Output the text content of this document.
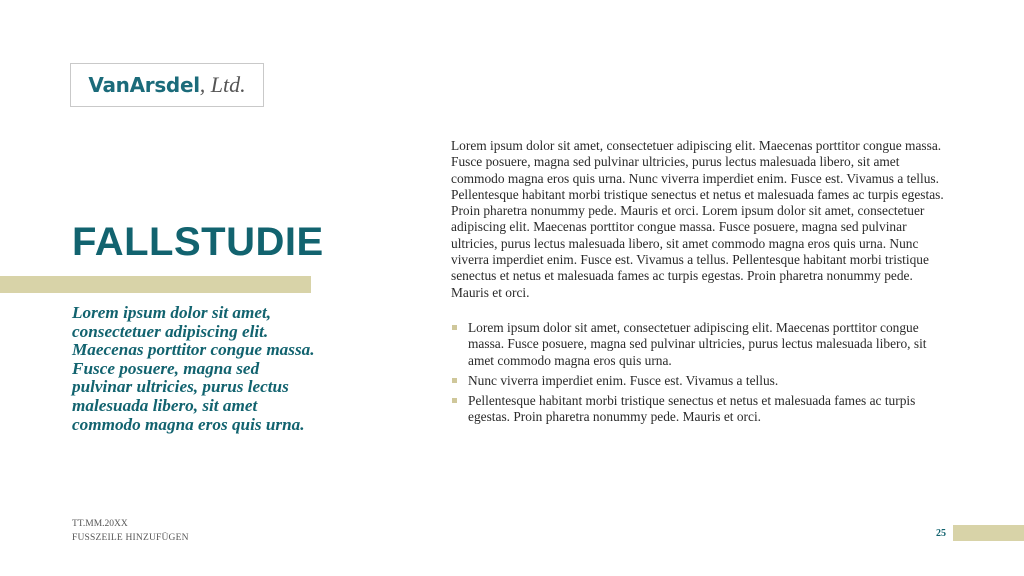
VanArsdel , Ltd.
FALLSTUDIE

Lorem ipsum dolor sit amet, consectetuer adipiscing elit. Maecenas porttitor congue massa. Fusce posuere, magna sed pulvinar ultricies, purus lectus malesuada libero, sit amet commodo magna eros quis urna.

Lorem ipsum dolor sit amet, consectetuer adipiscing elit. Maecenas porttitor congue massa. Fusce posuere, magna sed pulvinar ultricies, purus lectus malesuada libero, sit amet commodo magna eros quis urna. Nunc viverra imperdiet enim. Fusce est. Vivamus a tellus. Pellentesque habitant morbi tristique senectus et netus et malesuada fames ac turpis egestas. Proin pharetra nonummy pede. Mauris et orci. Lorem ipsum dolor sit amet, consectetuer adipiscing elit. Maecenas porttitor congue massa. Fusce posuere, magna sed pulvinar ultricies, purus lectus malesuada libero, sit amet commodo magna eros quis urna. Nunc viverra imperdiet enim. Fusce est. Vivamus a tellus. Pellentesque habitant morbi tristique senectus et netus et malesuada fames ac turpis egestas. Proin pharetra nonummy pede. Mauris et orci.

Lorem ipsum dolor sit amet, consectetuer adipiscing elit. Maecenas porttitor congue massa. Fusce posuere, magna sed pulvinar ultricies, purus lectus malesuada libero, sit amet commodo magna eros quis urna.
Nunc viverra imperdiet enim. Fusce est. Vivamus a tellus.
Pellentesque habitant morbi tristique senectus et netus et malesuada fames ac turpis egestas. Proin pharetra nonummy pede. Mauris et orci.
TT.MM.20XX
FUSSZEILE HINZUFÜGEN	25
